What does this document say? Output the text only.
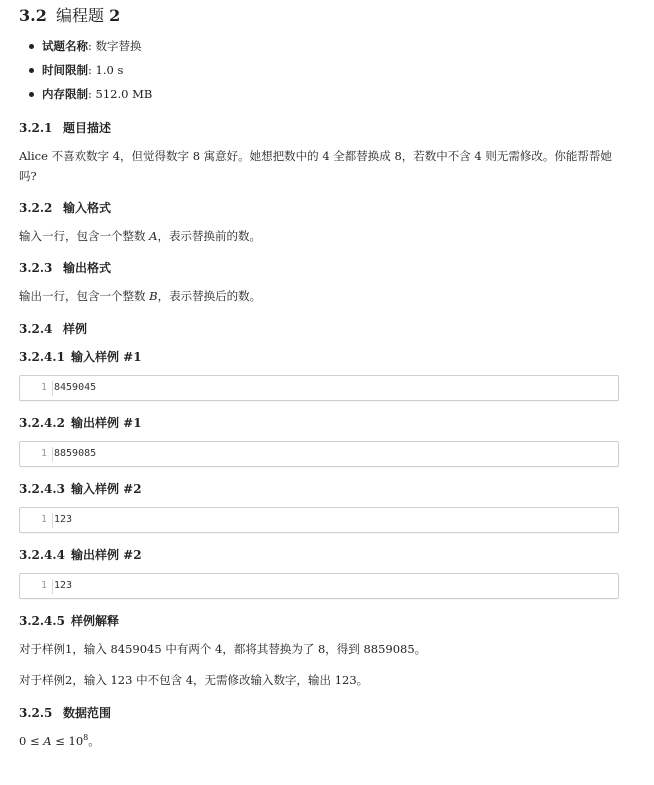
3.2 编程题 2
试题名称: 数字替换
时间限制: 1.0 s
内存限制: 512.0 MB
3.2.1 题目描述
Alice 不喜欢数字 4，但觉得数字 8 寓意好。她想把数中的 4 全都替换成 8，若数中不含 4 则无需修改。你能帮帮她吗?
3.2.2 输入格式
输入一行，包含一个整数 A，表示替换前的数。
3.2.3 输出格式
输出一行，包含一个整数 B，表示替换后的数。
3.2.4 样例
3.2.4.1 输入样例 #1
1 8459045
3.2.4.2 输出样例 #1
1 8859085
3.2.4.3 输入样例 #2
1 123
3.2.4.4 输出样例 #2
1 123
3.2.4.5 样例解释
对于样例1，输入 8459045 中有两个 4，都将其替换为了 8，得到 8859085。
对于样例2，输入 123 中不包含 4，无需修改输入数字，输出 123。
3.2.5 数据范围
$0 \le A \le 10^8$。
